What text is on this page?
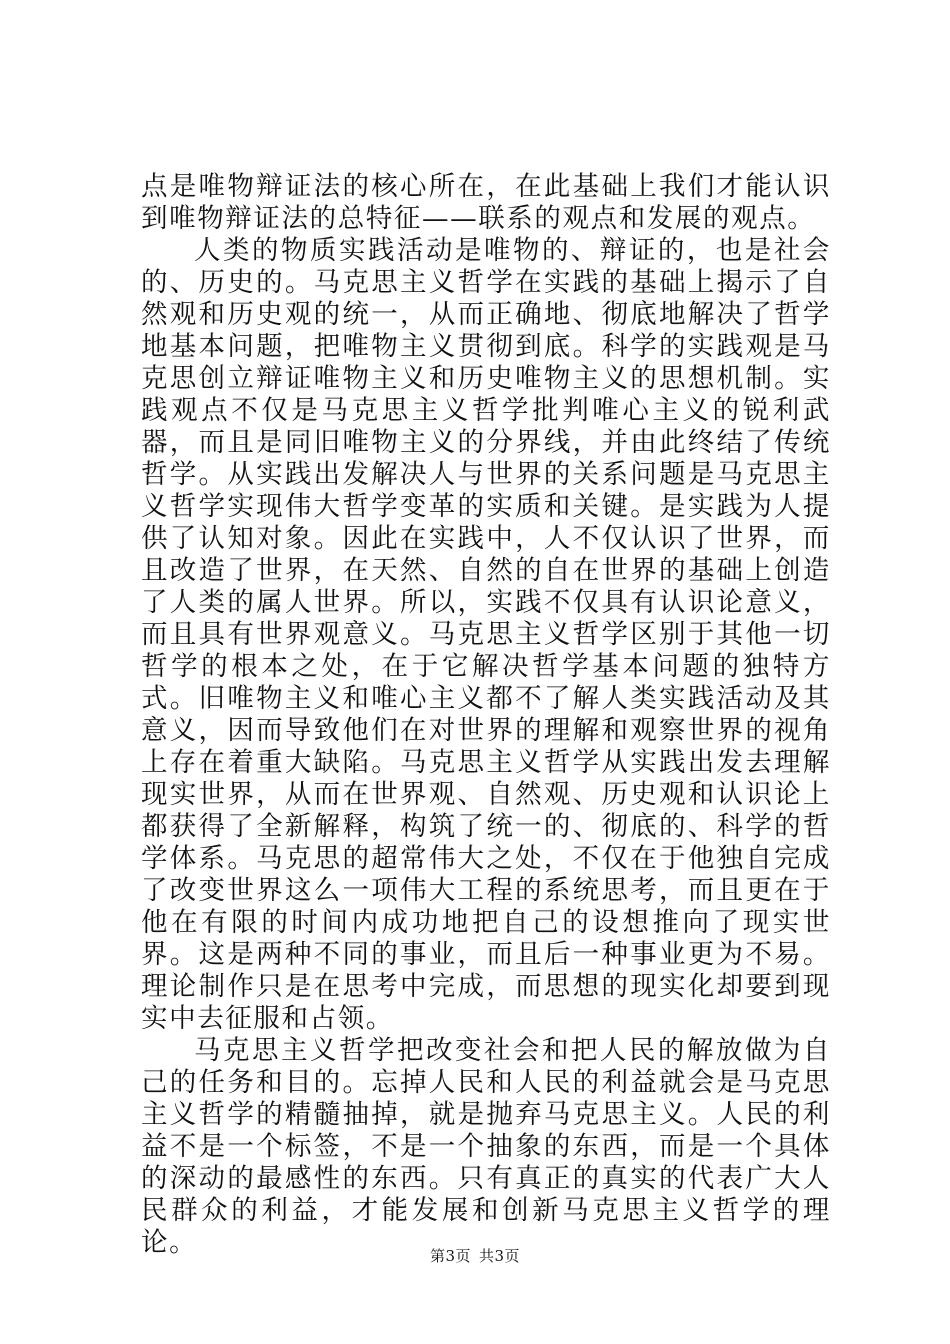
点是唯物辩证法的核心所在，在此基础上我们才能认识到唯物辩证法的总特征——联系的观点和发展的观点。

人类的物质实践活动是唯物的、辩证的，也是社会的、历史的。马克思主义哲学在实践的基础上揭示了自然观和历史观的统一，从而正确地、彻底地解决了哲学地基本问题，把唯物主义贯彻到底。科学的实践观是马克思创立辩证唯物主义和历史唯物主义的思想机制。实践观点不仅是马克思主义哲学批判唯心主义的锐利武器，而且是同旧唯物主义的分界线，并由此终结了传统哲学。从实践出发解决人与世界的关系问题是马克思主义哲学实现伟大哲学变革的实质和关键。是实践为人提供了认知对象。因此在实践中，人不仅认识了世界，而且改造了世界，在天然、自然的自在世界的基础上创造了人类的属人世界。所以，实践不仅具有认识论意义，而且具有世界观意义。马克思主义哲学区别于其他一切哲学的根本之处，在于它解决哲学基本问题的独特方式。旧唯物主义和唯心主义都不了解人类实践活动及其意义，因而导致他们在对世界的理解和观察世界的视角上存在着重大缺陷。马克思主义哲学从实践出发去理解现实世界，从而在世界观、自然观、历史观和认识论上都获得了全新解释，构筑了统一的、彻底的、科学的哲学体系。马克思的超常伟大之处，不仅在于他独自完成了改变世界这么一项伟大工程的系统思考，而且更在于他在有限的时间内成功地把自己的设想推向了现实世界。这是两种不同的事业，而且后一种事业更为不易。理论制作只是在思考中完成，而思想的现实化却要到现实中去征服和占领。

马克思主义哲学把改变社会和把人民的解放做为自己的任务和目的。忘掉人民和人民的利益就会是马克思主义哲学的精髓抽掉，就是抛弃马克思主义。人民的利益不是一个标签，不是一个抽象的东西，而是一个具体的深动的最感性的东西。只有真正的真实的代表广大人民群众的利益，才能发展和创新马克思主义哲学的理论。	第3页 共3页
